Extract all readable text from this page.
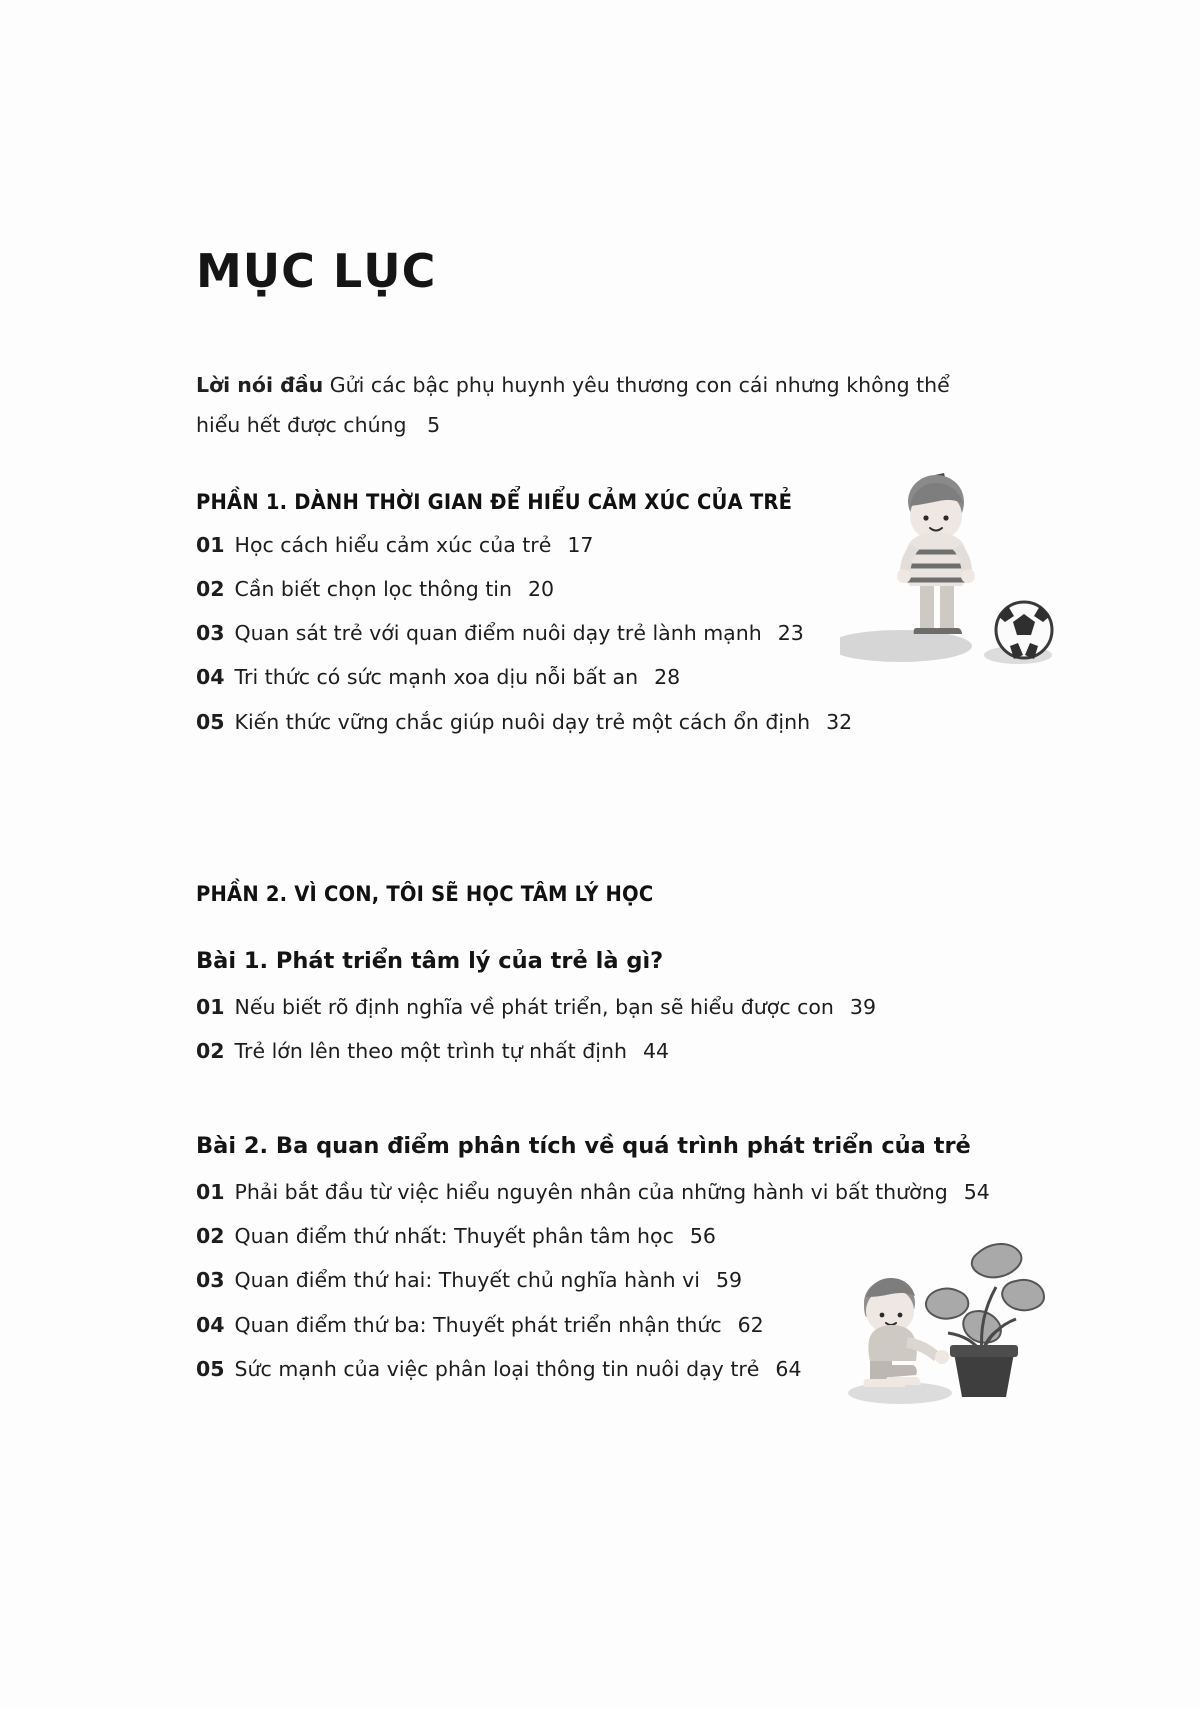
MỤC LỤC

Lời nói đầu Gửi các bậc phụ huynh yêu thương con cái nhưng không thể hiểu hết được chúng 5

PHẦN 1. DÀNH THỜI GIAN ĐỂ HIỂU CẢM XÚC CỦA TRẺ
01 Học cách hiểu cảm xúc của trẻ 17
02 Cần biết chọn lọc thông tin 20
03 Quan sát trẻ với quan điểm nuôi dạy trẻ lành mạnh 23
04 Tri thức có sức mạnh xoa dịu nỗi bất an 28
05 Kiến thức vững chắc giúp nuôi dạy trẻ một cách ổn định 32
PHẦN 2. VÌ CON, TÔI SẼ HỌC TÂM LÝ HỌC
Bài 1. Phát triển tâm lý của trẻ là gì?
01 Nếu biết rõ định nghĩa về phát triển, bạn sẽ hiểu được con 39
02 Trẻ lớn lên theo một trình tự nhất định 44
Bài 2. Ba quan điểm phân tích về quá trình phát triển của trẻ
01 Phải bắt đầu từ việc hiểu nguyên nhân của những hành vi bất thường 54
02 Quan điểm thứ nhất: Thuyết phân tâm học 56
03 Quan điểm thứ hai: Thuyết chủ nghĩa hành vi 59
04 Quan điểm thứ ba: Thuyết phát triển nhận thức 62
05 Sức mạnh của việc phân loại thông tin nuôi dạy trẻ 64
